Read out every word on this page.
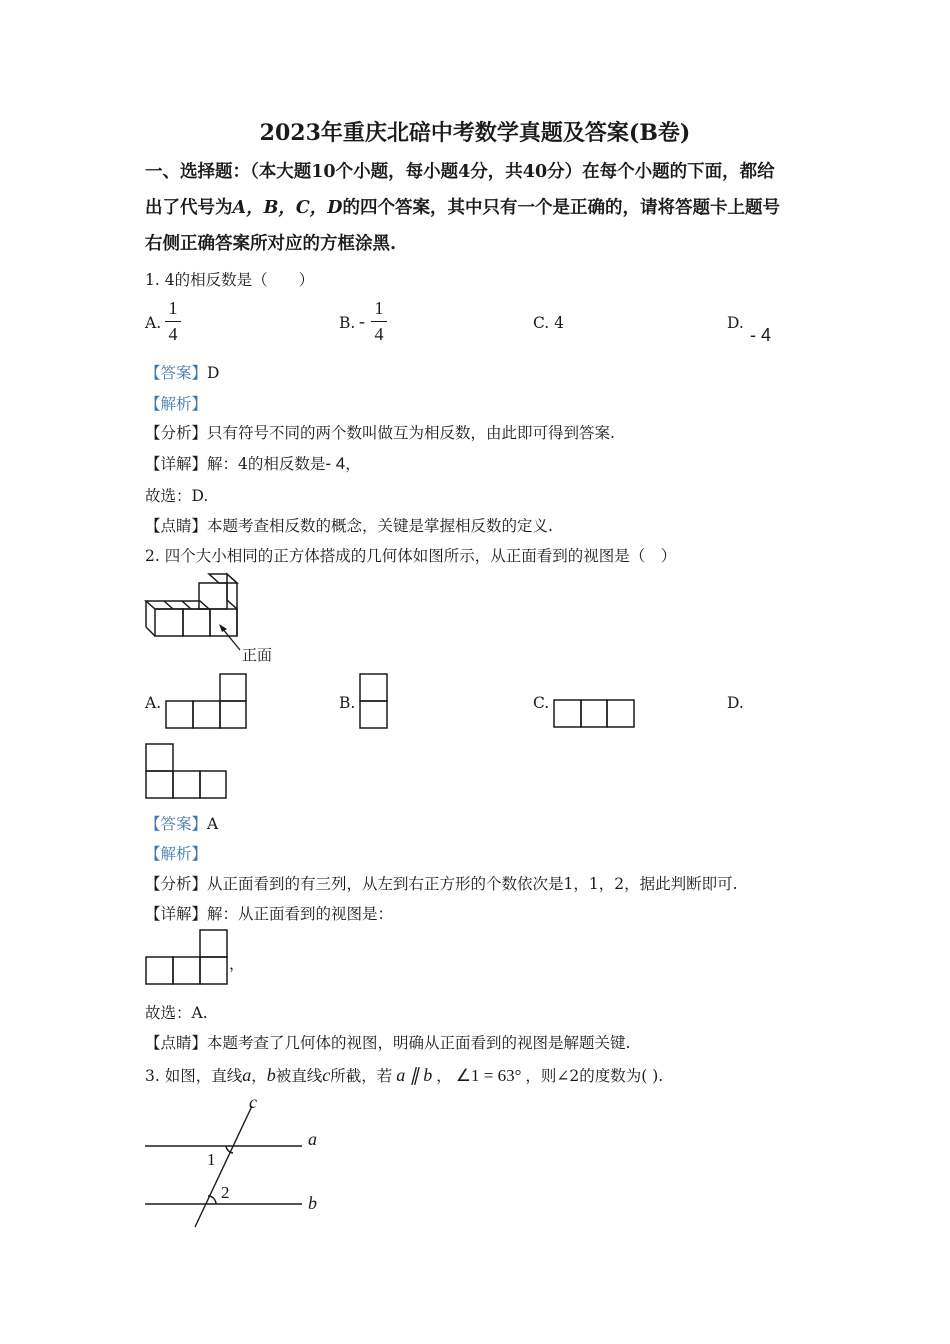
2023年重庆北碚中考数学真题及答案(B卷)
一、选择题：（本大题10个小题，每小题4分，共40分）在每个小题的下面，都给
出了代号为A，B，C，D的四个答案，其中只有一个是正确的，请将答题卡上题号
右侧正确答案所对应的方框涂黑.
1. 4的相反数是（　　）
A.
1
4
B. -
1
4
C. 4	D.
- 4
【答案】D
【解析】
【分析】只有符号不同的两个数叫做互为相反数，由此即可得到答案.
【详解】解：4的相反数是- 4，
故选：D.
【点睛】本题考查相反数的概念，关键是掌握相反数的定义.
2. 四个大小相同的正方体搭成的几何体如图所示，从正面看到的视图是（　）
正面
A.	B.	C.	D.
【答案】A
【解析】
【分析】从正面看到的有三列，从左到右正方形的个数依次是1，1，2，据此判断即可.
【详解】解：从正面看到的视图是：
，
故选：A.
【点睛】本题考查了几何体的视图，明确从正面看到的视图是解题关键.
3. 如图，直线a，b被直线c所截，若 a ∥ b ， ∠1 = 63° ，则∠2的度数为( ).
c
a
b
1
2
